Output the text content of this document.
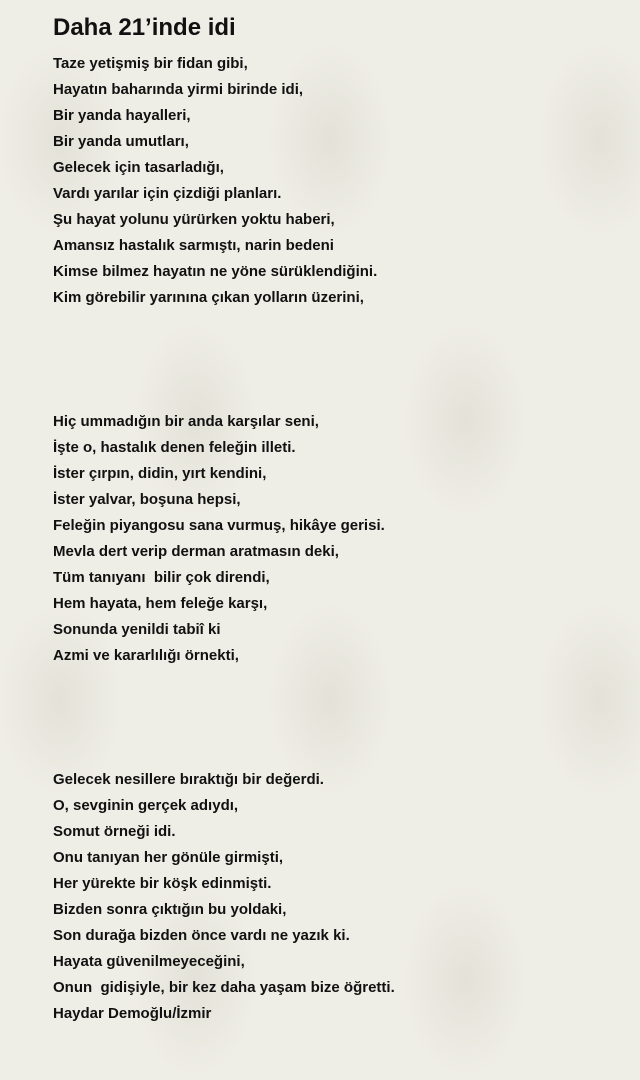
Daha 21’inde idi
Taze yetişmiş bir fidan gibi,
Hayatın baharında yirmi birinde idi,
Bir yanda hayalleri,
Bir yanda umutları,
Gelecek için tasarladığı,
Vardı yarılar için çizdiği planları.
Şu hayat yolunu yürürken yoktu haberi,
Amansız hastalık sarmıştı, narin bedeni
Kimse bilmez hayatın ne yöne sürüklendiğini.
Kim görebilir yarınına çıkan yolların üzerini,
Hiç ummadığın bir anda karşılar seni,
İşte o, hastalık denen feleğin illeti.
İster çırpın, didin, yırt kendini,
İster yalvar, boşuna hepsi,
Feleğin piyangosu sana vurmuş, hikâye gerisi.
Mevla dert verip derman aratmasın deki,
Tüm tanıyanı  bilir çok direndi,
Hem hayata, hem feleğe karşı,
Sonunda yenildi tabiî ki
Azmi ve kararlılığı örnekti,
Gelecek nesillere bıraktığı bir değerdi.
O, sevginin gerçek adıydı,
Somut örneği idi.
Onu tanıyan her gönüle girmişti,
Her yürekte bir köşk edinmişti.
Bizden sonra çıktığın bu yoldaki,
Son durağa bizden önce vardı ne yazık ki.
Hayata güvenilmeyeceğini,
Onun  gidişiyle, bir kez daha yaşam bize öğretti.
Haydar Demoğlu/İzmir
